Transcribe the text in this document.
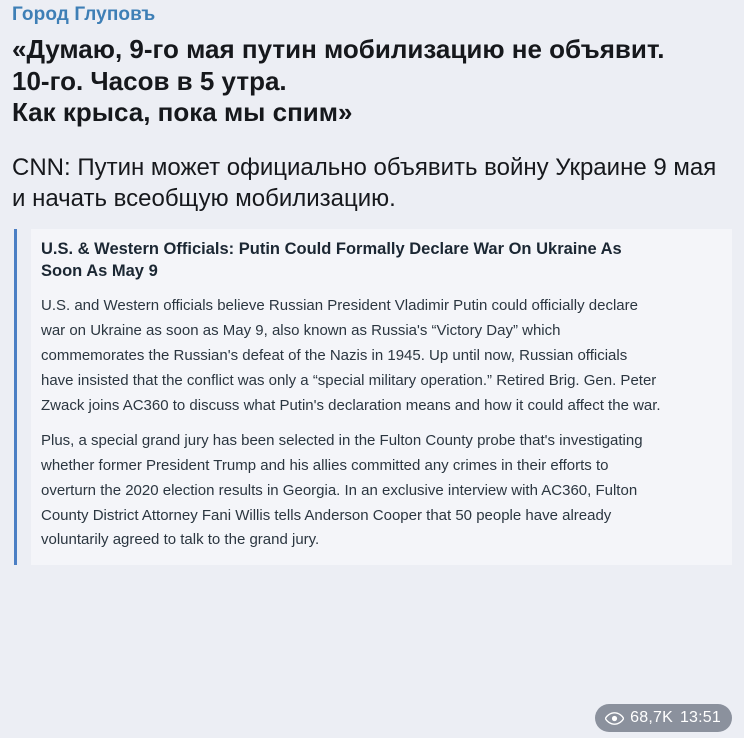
Город Глуповъ
«Думаю, 9-го мая путин мобилизацию не объявит.
10-го. Часов в 5 утра.
Как крыса, пока мы спим»
CNN: Путин может официально объявить войну Украине 9 мая и начать всеобщую мобилизацию.
U.S. & Western Officials: Putin Could Formally Declare War On Ukraine As Soon As May 9
U.S. and Western officials believe Russian President Vladimir Putin could officially declare war on Ukraine as soon as May 9, also known as Russia's “Victory Day” which commemorates the Russian's defeat of the Nazis in 1945. Up until now, Russian officials have insisted that the conflict was only a “special military operation.” Retired Brig. Gen. Peter Zwack joins AC360 to discuss what Putin's declaration means and how it could affect the war.
Plus, a special grand jury has been selected in the Fulton County probe that's investigating whether former President Trump and his allies committed any crimes in their efforts to overturn the 2020 election results in Georgia. In an exclusive interview with AC360, Fulton County District Attorney Fani Willis tells Anderson Cooper that 50 people have already voluntarily agreed to talk to the grand jury.
68,7K 13:51
